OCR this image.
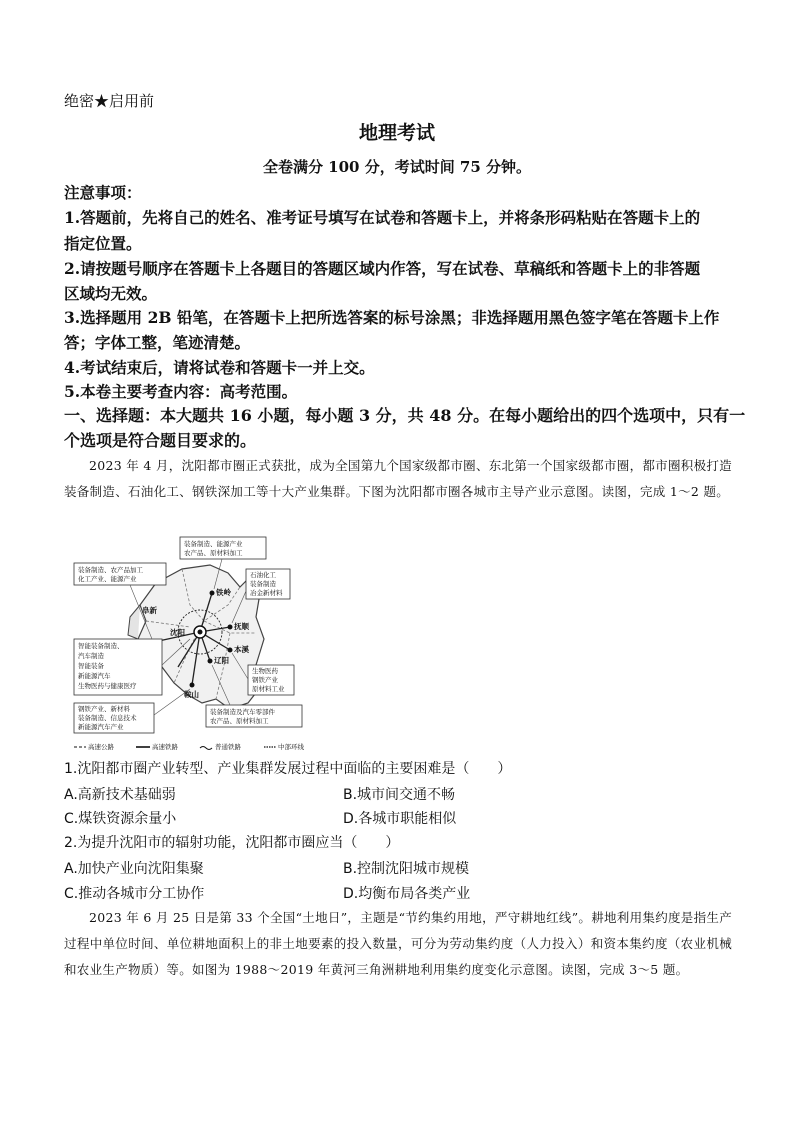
绝密★启用前
地理考试
全卷满分 100 分，考试时间 75 分钟。
注意事项：
1.答题前，先将自己的姓名、准考证号填写在试卷和答题卡上，并将条形码粘贴在答题卡上的
指定位置。
2.请按题号顺序在答题卡上各题目的答题区域内作答，写在试卷、草稿纸和答题卡上的非答题
区域均无效。
3.选择题用 2B 铅笔，在答题卡上把所选答案的标号涂黑；非选择题用黑色签字笔在答题卡上作
答；字体工整，笔迹清楚。
4.考试结束后，请将试卷和答题卡一并上交。
5.本卷主要考查内容：高考范围。
一、选择题：本大题共 16 小题，每小题 3 分，共 48 分。在每小题给出的四个选项中，只有一
个选项是符合题目要求的。
2023 年 4 月，沈阳都市圈正式获批，成为全国第九个国家级都市圈、东北第一个国家级都市圈，都市圈积极打造装备制造、石油化工、钢铁深加工等十大产业集群。下图为沈阳都市圈各城市主导产业示意图。读图，完成 1～2 题。
铁岭
阜新
沈阳
抚顺
本溪
辽阳
鞍山
装备制造、能源产业
农产品、原材料加工
装备制造、农产品加工
化工产业、能源产业	石油化工
装备制造
冶金新材料
智能装备制造、
汽车制造
智能装备
新能源汽车
生物医药与健康医疗
生物医药
钢铁产业
原材料工业
钢铁产业、新材料
装备制造、信息技术
新能源汽车产业
装备制造及汽车零部件
农产品、原材料加工
高速公路	高速铁路	普通铁路	中部环线
1.沈阳都市圈产业转型、产业集群发展过程中面临的主要困难是（　　）
A.高新技术基础弱	B.城市间交通不畅
C.煤铁资源余量小	D.各城市职能相似
2.为提升沈阳市的辐射功能，沈阳都市圈应当（　　）
A.加快产业向沈阳集聚	B.控制沈阳城市规模
C.推动各城市分工协作	D.均衡布局各类产业
2023 年 6 月 25 日是第 33 个全国“土地日”，主题是“节约集约用地，严守耕地红线”。耕地利用集约度是指生产过程中单位时间、单位耕地面积上的非土地要素的投入数量，可分为劳动集约度（人力投入）和资本集约度（农业机械和农业生产物质）等。如图为 1988～2019 年黄河三角洲耕地利用集约度变化示意图。读图，完成 3～5 题。
